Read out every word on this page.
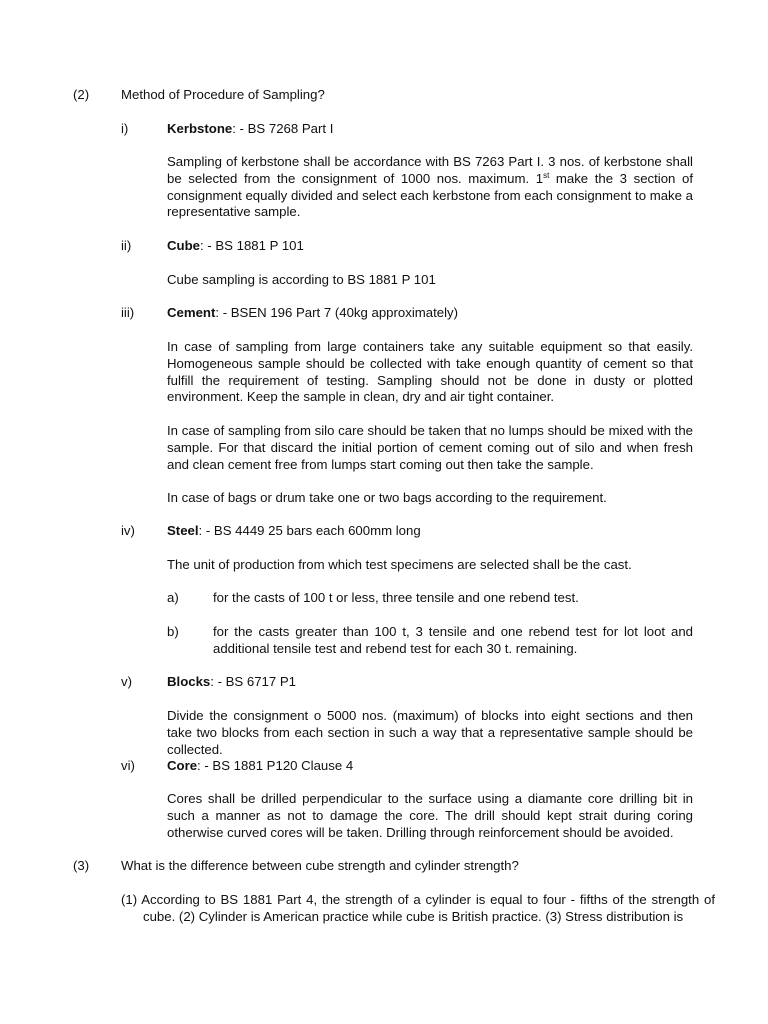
(2) Method of Procedure of Sampling?
i)	Kerbstone: - BS 7268 Part I
Sampling of kerbstone shall be accordance with BS 7263 Part I. 3 nos. of kerbstone shall be selected from the consignment of 1000 nos. maximum. 1st make the 3 section of consignment equally divided and select each kerbstone from each consignment to make a representative sample.
ii)	Cube: - BS 1881 P 101
Cube sampling is according to BS 1881 P 101
iii) Cement: - BSEN 196 Part 7 (40kg approximately)
In case of sampling from large containers take any suitable equipment so that easily. Homogeneous sample should be collected with take enough quantity of cement so that fulfill the requirement of testing. Sampling should not be done in dusty or plotted environment. Keep the sample in clean, dry and air tight container.
In case of sampling from silo care should be taken that no lumps should be mixed with the sample. For that discard the initial portion of cement coming out of silo and when fresh and clean cement free from lumps start coming out then take the sample.
In case of bags or drum take one or two bags according to the requirement.
iv) Steel: - BS 4449 25 bars each 600mm long
The unit of production from which test specimens are selected shall be the cast.
a)	for the casts of 100 t or less, three tensile and one rebend test.
b)	for the casts greater than 100 t, 3 tensile and one rebend test for lot loot and additional tensile test and rebend test for each 30 t. remaining.
v)	Blocks: - BS 6717 P1
Divide the consignment o 5000 nos. (maximum) of blocks into eight sections and then take two blocks from each section in such a way that a representative sample should be collected.
vi) Core: - BS 1881 P120 Clause 4
Cores shall be drilled perpendicular to the surface using a diamante core drilling bit in such a manner as not to damage the core. The drill should kept strait during coring otherwise curved cores will be taken. Drilling through reinforcement should be avoided.
(3) What is the difference between cube strength and cylinder strength?
(1) According to BS 1881 Part 4, the strength of a cylinder is equal to four - fifths of the strength of cube. (2) Cylinder is American practice while cube is British practice. (3) Stress distribution is
